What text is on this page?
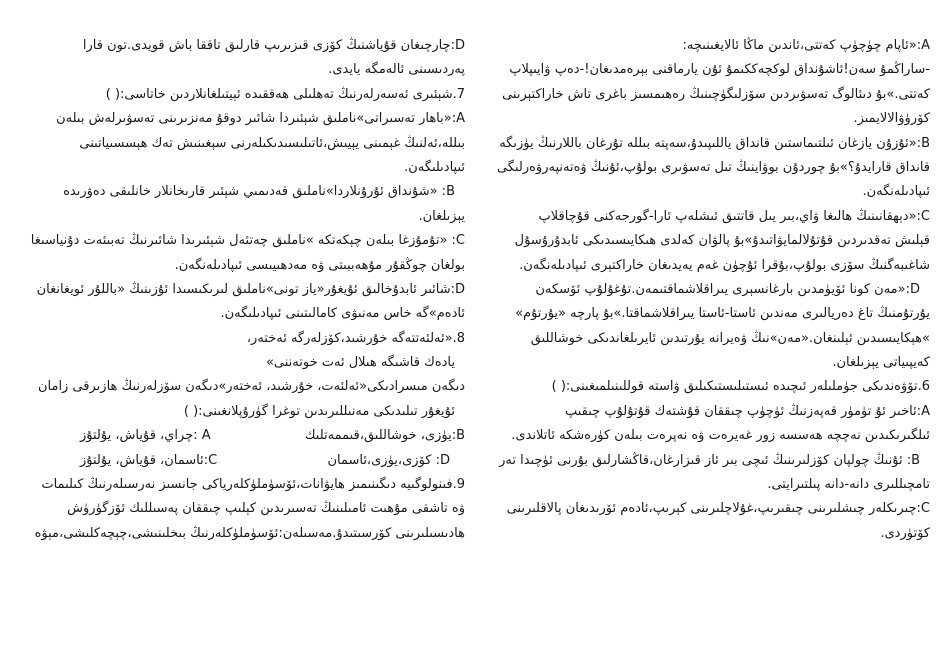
D:چارچىغان قۇياشنىڭ كۆزى قىزىرىپ قارلىق تاققا باش قويدى.تون قارا
پەردىسىنى ئالەمگە يايدى.
7.شېئىرى ئەسەرلەرنىڭ تەھلىلى ھەققىدە ئېيتىلغانلاردىن خاتاسى:( )
A:«باھار تەسىراتى»ناملىق شېئىردا شائىر دوقۇ مەنزىرىنى تەسۋىرلەش بىلەن
بىللە،ئەلنىڭ غېمىنى يېيىش،ئاتىلىسىدىكىلەرنى سېغىنىش تەك ھېسسىياتىنى
ئىپادىلىگەن.
B: «شۇنداق ئۇرۇنلاردا»ناملىق قەدىمىي شېئىر قارىخانلار خانلىقى دەۋرىدە
يېزىلغان.
C: «تۇمۇزغا بىلەن چېكەتكە »ناملىق چەتئەل شېئىرىدا شائىرنىڭ تەبىئەت دۇنياسىغا
بولغان چوڭقۇر مۇھەببىتى ۋە مەدھىيىسى ئىپادىلەنگەن.
D:شائىر ئابدۇخالىق ئۇيغۇر«ياز تونى»ناملىق لىرىكىسىدا ئۇزىنىڭ «باللۇر ئويغانغان
ئادەم»گە خاس مەنىۋى كامالىتىنى ئىپادىلىگەن.
8.«ئەلئەتتەگە خۇرشىد،كۆزلەرگە ئەختەر،
يادەك قاشىگە ھىلال ئەت خوتەننى»
دىگەن مىسرادىكى«ئەلئەت، خۇرشىد، ئەختەر»دىگەن سۆزلەرنىڭ ھازىرقى زامان
ئۇيغۇر تىلىدىكى مەنىللىرىدىن توغرا گۈرۇپلانغىنى:( )
B:يۈزى، خوشاللىق،قىممەتلىك
A :چراي، قۇياش، يۇلتۇز
D: كۆزى،يۈزى،ئاسمان
C:ئاسمان، قۇياش، يۇلتۇز
9.فىنولوگىيە دىگىنىمىز ھايۋانات،ئۆسۈملۈكلەرياكى جانسىز نەرسىلەرنىڭ كىلىمات
ۋە تاشقى مۇھىت ئامىلىنىڭ تەسىرىدىن كېلىپ چىققان پەسىللىك ئۆزگۈرۈش
ھادىسىلىرىنى كۆرسىتىدۇ.مەسىلەن:ئۆسۈملۈكلەرنىڭ بىخلىنىشى،چېچەكلىشى،مېۋە
A:«ئاپام چۈچۈپ كەتتى،ئاندىن ماڭا ئالايغىنىچە:
-ساراڭمۇ سەن!ئاشۇنداق لوكچەككىمۇ ئۇن يارماقنى بېرەمدىغان!-دەپ ۋايىپلاپ
كەتتى.»بۇ دىئالوگ تەسۋىردىن سۆزلىگۈچىنىڭ رەھىمسىز باغرى تاش خاراكتېرىنى
كۆرۈۋالالايمىز.
B:«ئۇزۇن يازغان ئىلتىماستىن قانداق ياللىپىدۇ،سەپتە بىللە تۇرغان باللارنىڭ يۈزىگە
قانداق قارايدۇ؟»بۇ چوردۇن بوۋاينىڭ تىل تەسۋىرى بولۇپ،ئۇنىڭ ۋەتەنپەرۋەرلىگى
ئىپادىلەنگەن.
C:«دېھقانىنىڭ ھالىغا ۋاي،بىر يىل قاتتىق ئىشلەپ ئارا-گورجەكنى قۇچاقلاپ
قېلىش تەقدىردىن قۇتۇلالمايۋاتىدۇ»بۇ پالۋان كەلدى ھىكايىسىدىكى ئابدۇرۇسۇل
شاغىبەگنىڭ سۆزى بولۇپ،بۇقرا ئۇچۈن غەم يەيدىغان خاراكتېرى ئىپادىلەنگەن.
D:«مەن كونا ئۆيۈمدىن بارغانسېرى يىراقلاشماقتىمەن.تۇغۇلۇپ ئۆسكەن
يۇرتۇمنىڭ تاغ دەريالىرى مەندىن ئاستا-ئاستا يىراقلاشماقتا.»بۇ پارچە «يۇرتۇم»
»ھېكايىسىدىن ئېلىنغان.«مەن»نىڭ ۋەيرانە يۇرتىدىن ئايرىلغاندىكى خوشاللىق
كەيپىياتى يېزىلغان.
6.تۆۋەندىكى جۈملىلەر ئىچىدە ئىستىلىستىكىلىق ۋاستە قوللىنىلمىغىنى:( )
A:ئاخىر ئۇ تۈمۈر قەپەزنىڭ ئۈچۈپ چىققان قۇشتەك قۇتۇلۇپ چىقىپ
ئىلگىرىكىدىن نەچچە ھەسسە زور غەيرەت ۋە نەپرەت بىلەن كۈرەشكە ئاتلاندى.
B: ئۇنىڭ چولپان كۆزلىرىنىڭ ئىچى بىر ئاز قىزارغان،قاڭشارلىق بۇرنى ئۈچىدا تەر
تامچىللىرى دانە-دانە پىلتىرايتى.
C:چىرىكلەر چىشلىرىنى چىقىرىپ،غۇلاچلىرىنى كېرىپ،ئادەم ئۆرىدىغان پالاقلىرىنى
كۆتۈردى.
